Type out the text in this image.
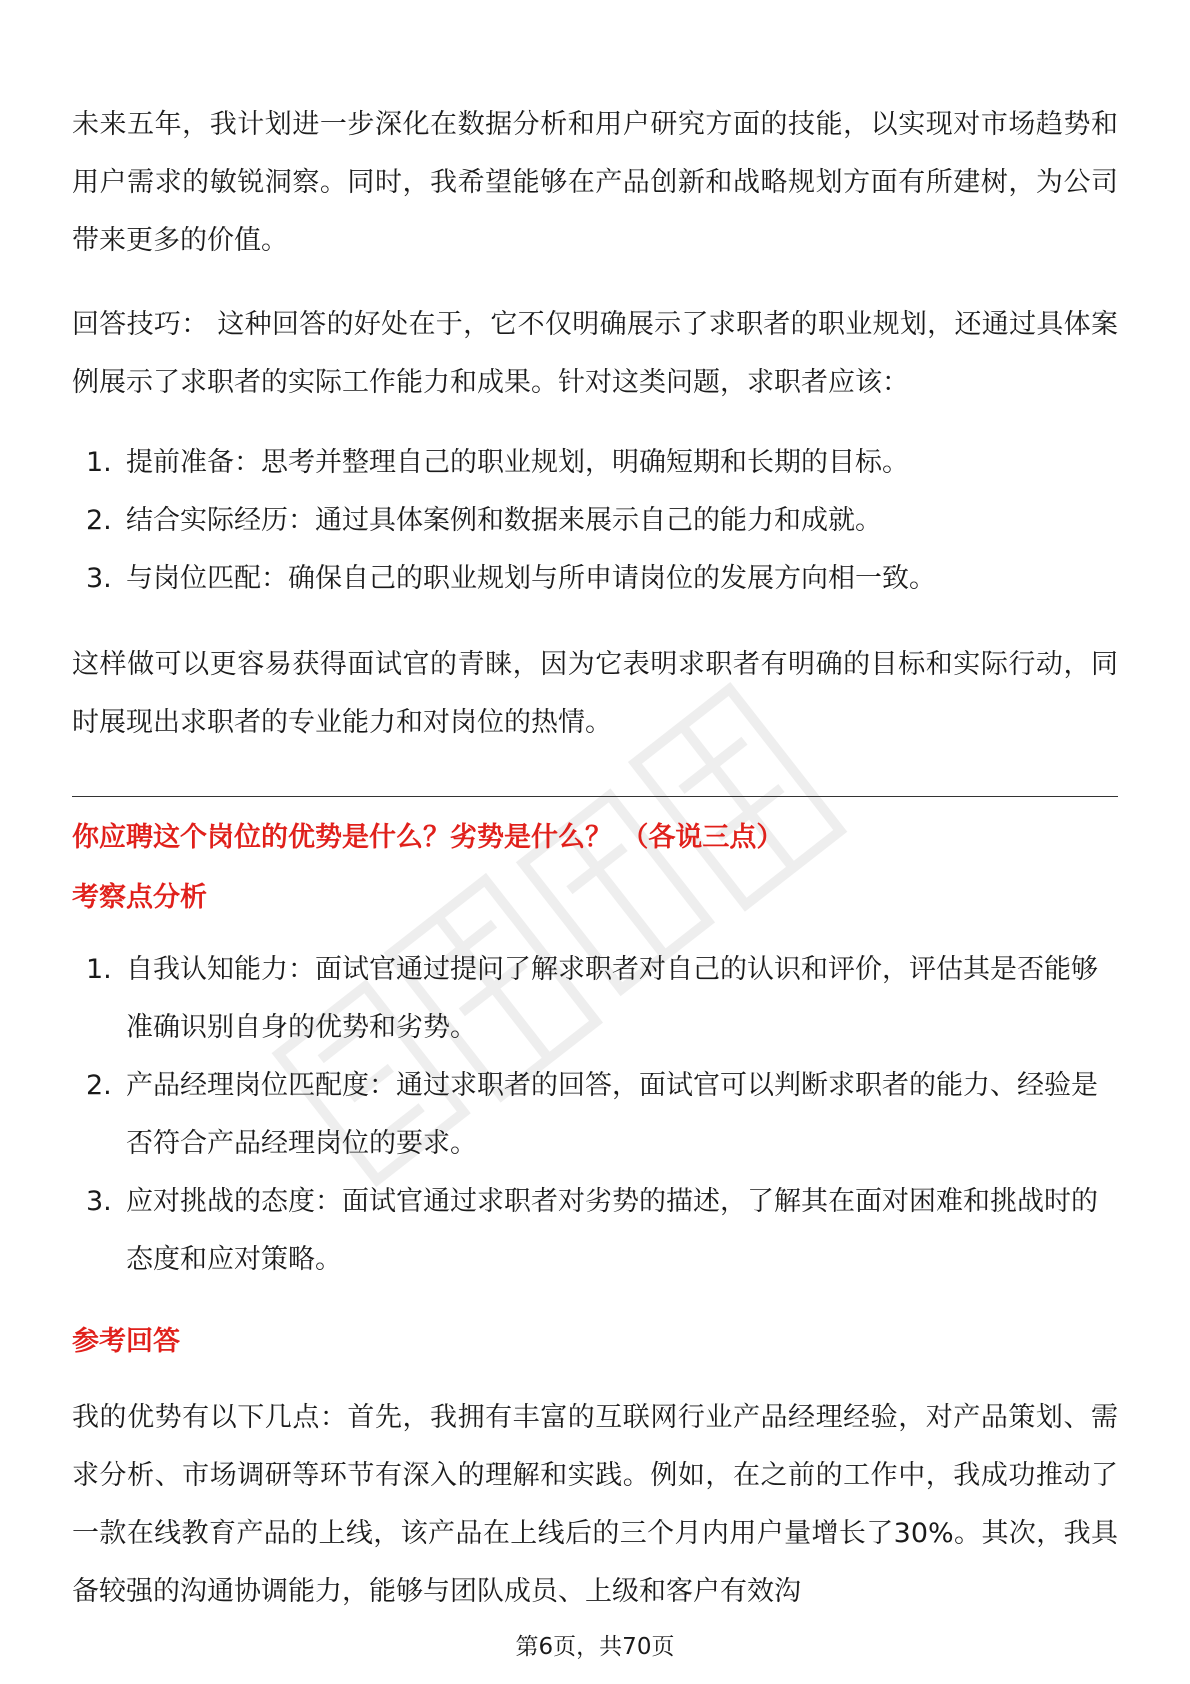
未来五年，我计划进一步深化在数据分析和用户研究方面的技能，以实现对市场趋势和用户需求的敏锐洞察。同时，我希望能够在产品创新和战略规划方面有所建树，为公司带来更多的价值。

回答技巧： 这种回答的好处在于，它不仅明确展示了求职者的职业规划，还通过具体案例展示了求职者的实际工作能力和成果。针对这类问题，求职者应该：

1. 提前准备：思考并整理自己的职业规划，明确短期和长期的目标。
2. 结合实际经历：通过具体案例和数据来展示自己的能力和成就。
3. 与岗位匹配：确保自己的职业规划与所申请岗位的发展方向相一致。

这样做可以更容易获得面试官的青睐，因为它表明求职者有明确的目标和实际行动，同时展现出求职者的专业能力和对岗位的热情。

你应聘这个岗位的优势是什么？劣势是什么？ （各说三点）
考察点分析
1. 自我认知能力：面试官通过提问了解求职者对自己的认识和评价，评估其是否能够准确识别自身的优势和劣势。
2. 产品经理岗位匹配度：通过求职者的回答，面试官可以判断求职者的能力、经验是否符合产品经理岗位的要求。
3. 应对挑战的态度：面试官通过求职者对劣势的描述，了解其在面对困难和挑战时的态度和应对策略。
参考回答

我的优势有以下几点：首先，我拥有丰富的互联网行业产品经理经验，对产品策划、需求分析、市场调研等环节有深入的理解和实践。例如，在之前的工作中，我成功推动了一款在线教育产品的上线，该产品在上线后的三个月内用户量增长了30%。其次，我具备较强的沟通协调能力，能够与团队成员、上级和客户有效沟

第6页，共70页
